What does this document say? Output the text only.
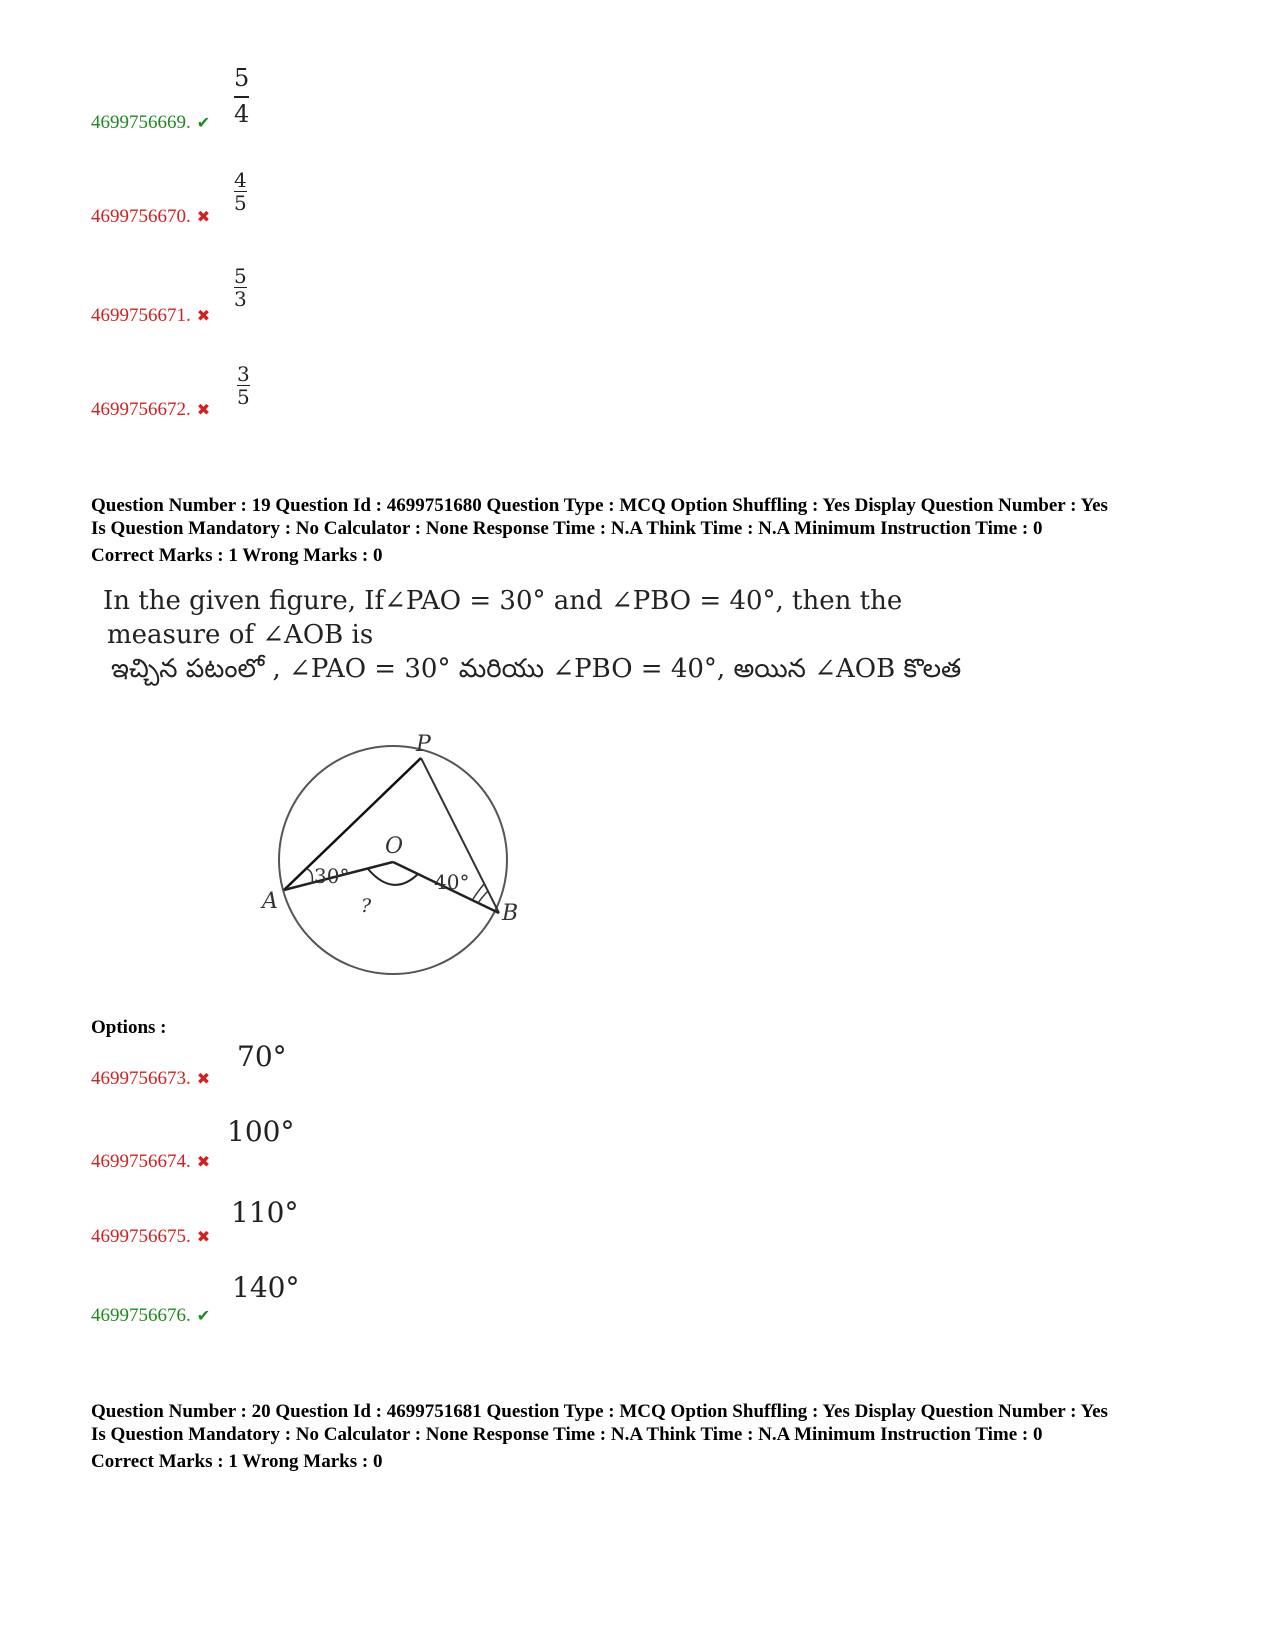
4699756669. ✔
5
4
4699756670. ✖
4
5
4699756671. ✖
5
3
4699756672. ✖
3
5
Question Number : 19 Question Id : 4699751680 Question Type : MCQ Option Shuffling : Yes Display Question Number : Yes
Is Question Mandatory : No Calculator : None Response Time : N.A Think Time : N.A Minimum Instruction Time : 0
Correct Marks : 1 Wrong Marks : 0
In the given figure, If∠PAO = 30° and ∠PBO = 40°, then the
measure of ∠AOB is
ఇచ్చిన పటంలో , ∠PAO = 30° మరియు ∠PBO = 40°, అయిన ∠AOB కొలత
P
O
A	B
30°	40°
?
Options :
4699756673. ✖
70°
4699756674. ✖
100°
4699756675. ✖
110°
4699756676. ✔
140°
Question Number : 20 Question Id : 4699751681 Question Type : MCQ Option Shuffling : Yes Display Question Number : Yes
Is Question Mandatory : No Calculator : None Response Time : N.A Think Time : N.A Minimum Instruction Time : 0
Correct Marks : 1 Wrong Marks : 0
